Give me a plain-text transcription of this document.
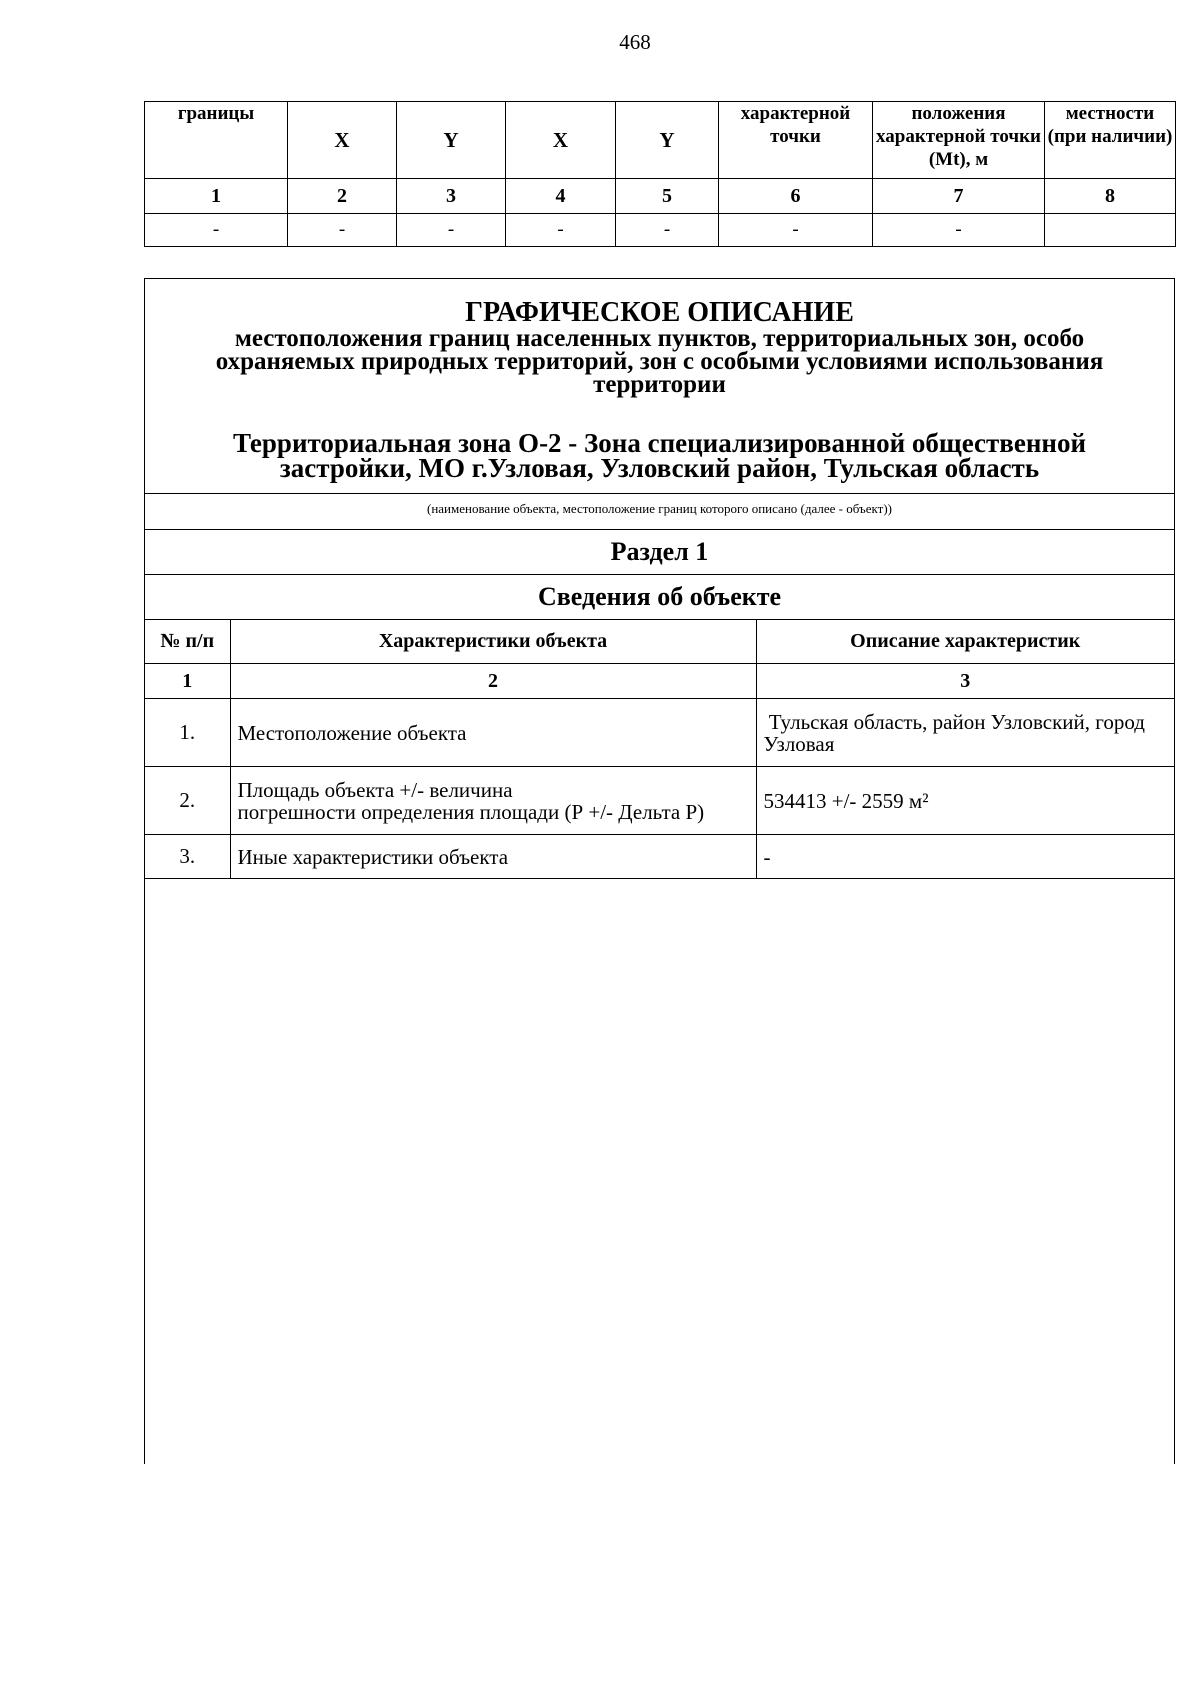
468
границы	X	Y	X	Y	характерной точки	положения характерной точки (Mt), м	местности (при наличии)
1	2	3	4	5	6	7	8
-	-	-	-	-	-	-	
ГРАФИЧЕСКОЕ ОПИСАНИЕ
местоположения границ населенных пунктов, территориальных зон, особо
охраняемых природных территорий, зон с особыми условиями использования
территории
Территориальная зона О-2 - Зона специализированной общественной
застройки, МО г.Узловая, Узловский район, Тульская область
(наименование объекта, местоположение границ которого описано (далее - объект))
Раздел 1
Сведения об объекте
№ п/п	Характеристики объекта	Описание характеристик
1	2	3
1.	Местоположение объекта	Тульская область, район Узловский, город
Узловая

2.	Площадь объекта +/- величина
погрешности определения площади (Р +/- Дельта Р)	534413 +/- 2559 м²

3.	Иные характеристики объекта	-
